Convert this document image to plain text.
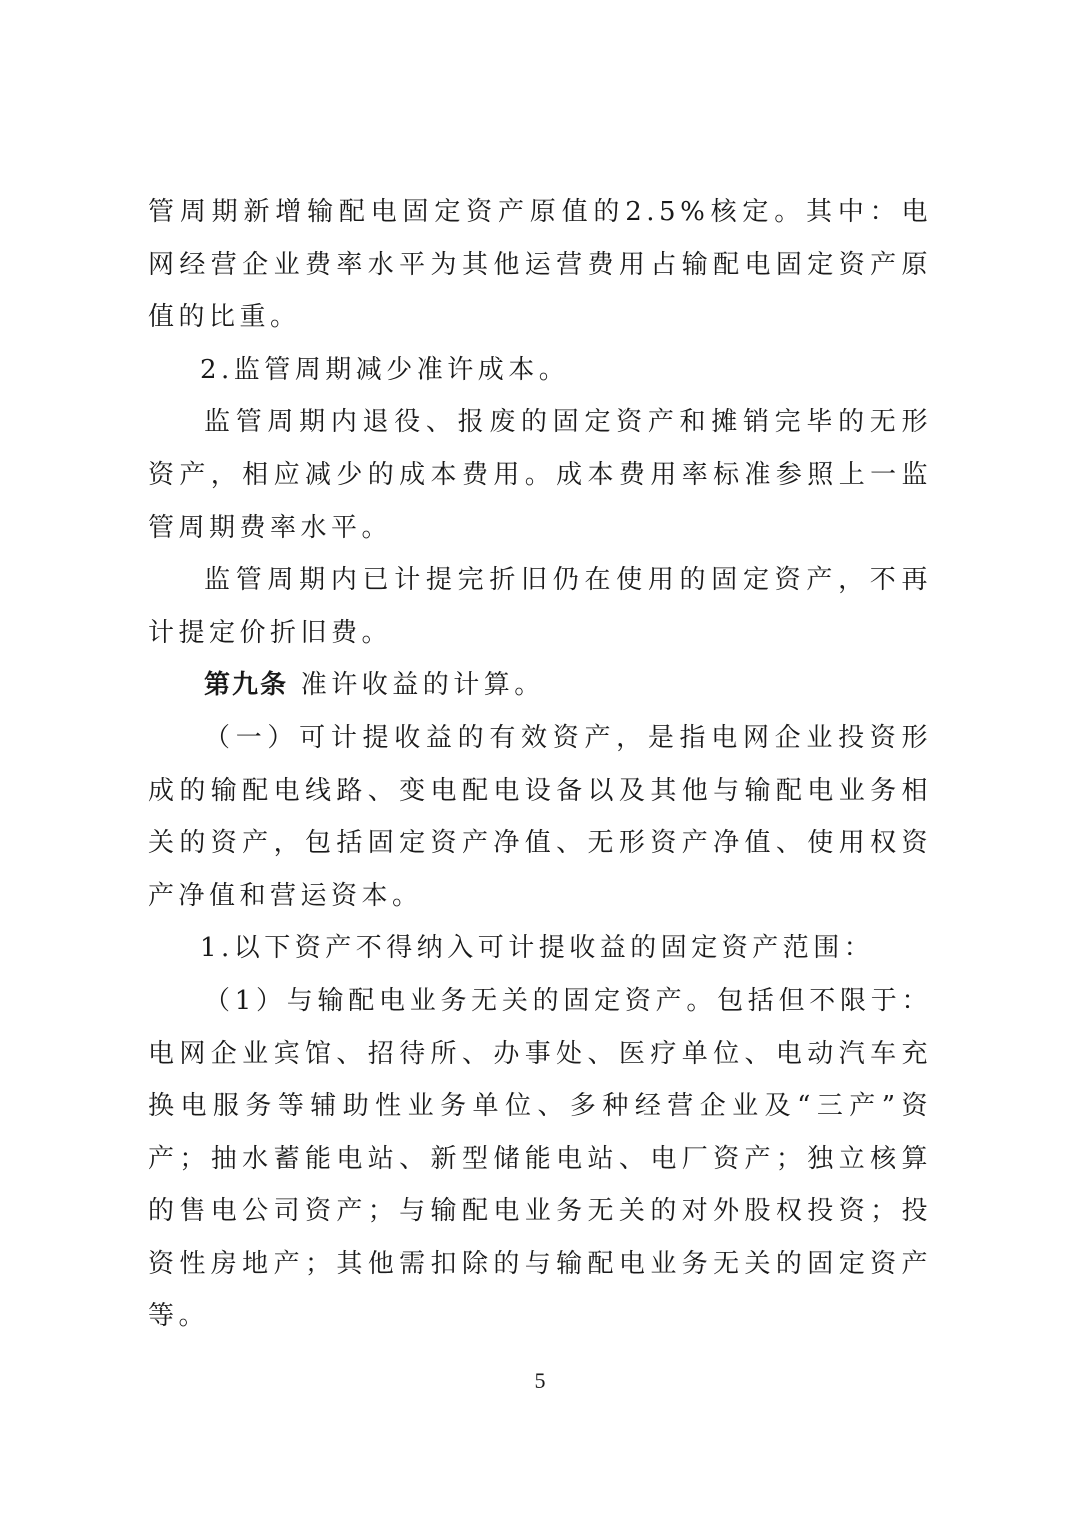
管周期新增输配电固定资产原值的2.5%核定。其中：电网经营企业费率水平为其他运营费用占输配电固定资产原值的比重。

2.监管周期减少准许成本。

监管周期内退役、报废的固定资产和摊销完毕的无形资产，相应减少的成本费用。成本费用率标准参照上一监管周期费率水平。

监管周期内已计提完折旧仍在使用的固定资产，不再计提定价折旧费。

第九条 准许收益的计算。

（一）可计提收益的有效资产，是指电网企业投资形成的输配电线路、变电配电设备以及其他与输配电业务相关的资产，包括固定资产净值、无形资产净值、使用权资产净值和营运资本。

1.以下资产不得纳入可计提收益的固定资产范围：

（1）与输配电业务无关的固定资产。包括但不限于：电网企业宾馆、招待所、办事处、医疗单位、电动汽车充换电服务等辅助性业务单位、多种经营企业及“三产”资产；抽水蓄能电站、新型储能电站、电厂资产；独立核算的售电公司资产；与输配电业务无关的对外股权投资；投资性房地产；其他需扣除的与输配电业务无关的固定资产等。

5
